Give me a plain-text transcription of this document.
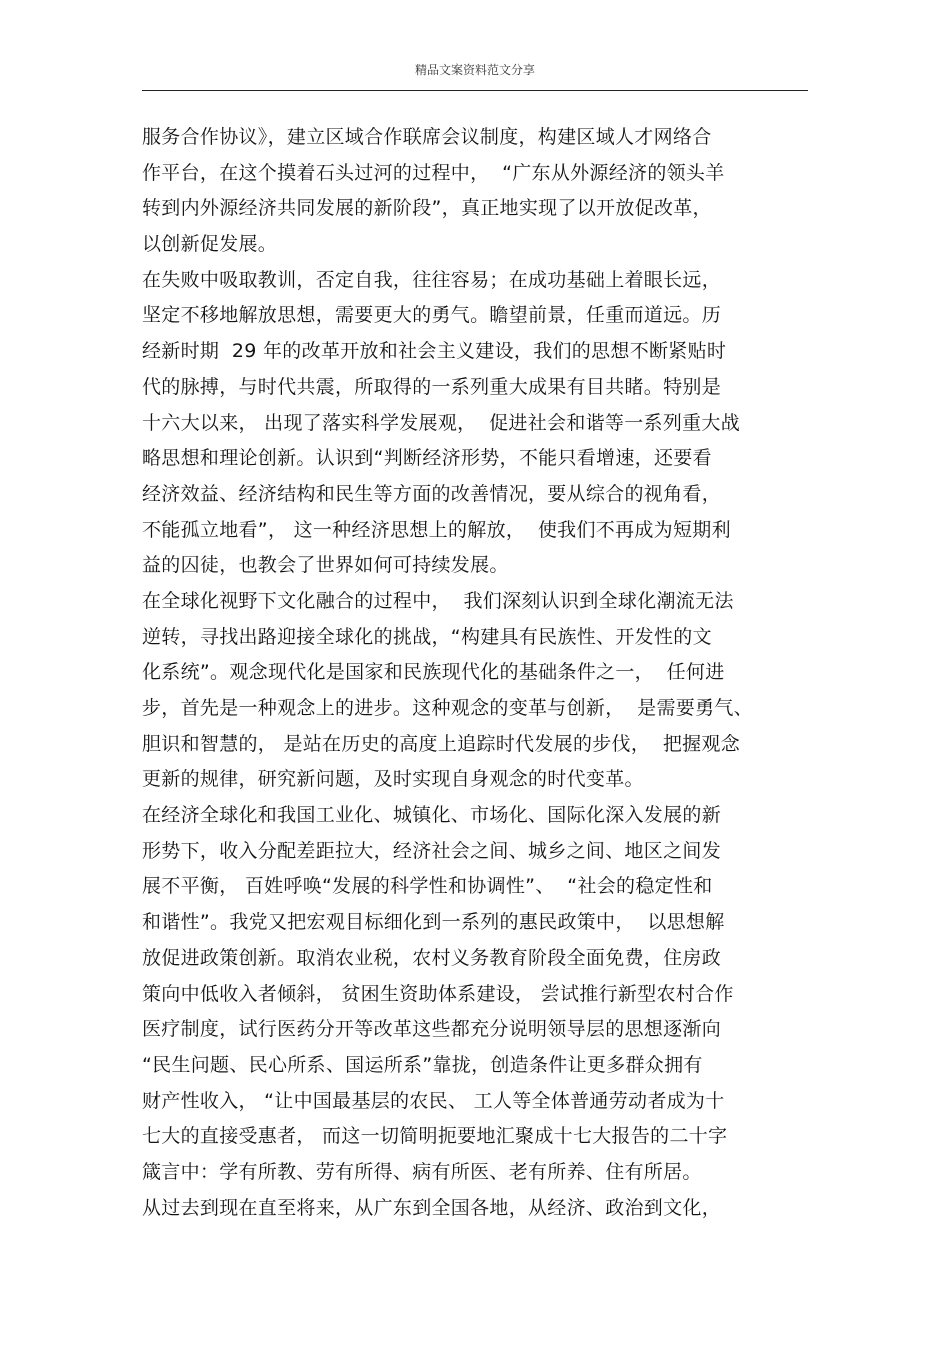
精品文案资料范文分享
服务合作协议》，建立区域合作联席会议制度，构建区域人才网络合
作平台，在这个摸着石头过河的过程中，  “广东从外源经济的领头羊
转到内外源经济共同发展的新阶段”，真正地实现了以开放促改革，
以创新促发展。
在失败中吸取教训，否定自我，往往容易；在成功基础上着眼长远，
坚定不移地解放思想，需要更大的勇气。瞻望前景，任重而道远。历
经新时期  29 年的改革开放和社会主义建设，我们的思想不断紧贴时
代的脉搏，与时代共震，所取得的一系列重大成果有目共睹。特别是
十六大以来， 出现了落实科学发展观，  促进社会和谐等一系列重大战
略思想和理论创新。认识到“判断经济形势，不能只看增速，还要看
经济效益、经济结构和民生等方面的改善情况，要从综合的视角看，
不能孤立地看”， 这一种经济思想上的解放，  使我们不再成为短期利
益的囚徒，也教会了世界如何可持续发展。
在全球化视野下文化融合的过程中，  我们深刻认识到全球化潮流无法
逆转，寻找出路迎接全球化的挑战，“构建具有民族性、开发性的文
化系统”。观念现代化是国家和民族现代化的基础条件之一，  任何进
步，首先是一种观念上的进步。这种观念的变革与创新，  是需要勇气、
胆识和智慧的， 是站在历史的高度上追踪时代发展的步伐，  把握观念
更新的规律，研究新问题，及时实现自身观念的时代变革。
在经济全球化和我国工业化、城镇化、市场化、国际化深入发展的新
形势下，收入分配差距拉大，经济社会之间、城乡之间、地区之间发
展不平衡， 百姓呼唤“发展的科学性和协调性”、  “社会的稳定性和
和谐性”。我党又把宏观目标细化到一系列的惠民政策中，  以思想解
放促进政策创新。取消农业税，农村义务教育阶段全面免费，住房政
策向中低收入者倾斜， 贫困生资助体系建设， 尝试推行新型农村合作
医疗制度，试行医药分开等改革这些都充分说明领导层的思想逐渐向
“民生问题、民心所系、国运所系”靠拢，创造条件让更多群众拥有
财产性收入， “让中国最基层的农民、 工人等全体普通劳动者成为十
七大的直接受惠者， 而这一切简明扼要地汇聚成十七大报告的二十字
箴言中：学有所教、劳有所得、病有所医、老有所养、住有所居。
从过去到现在直至将来，从广东到全国各地，从经济、政治到文化，
